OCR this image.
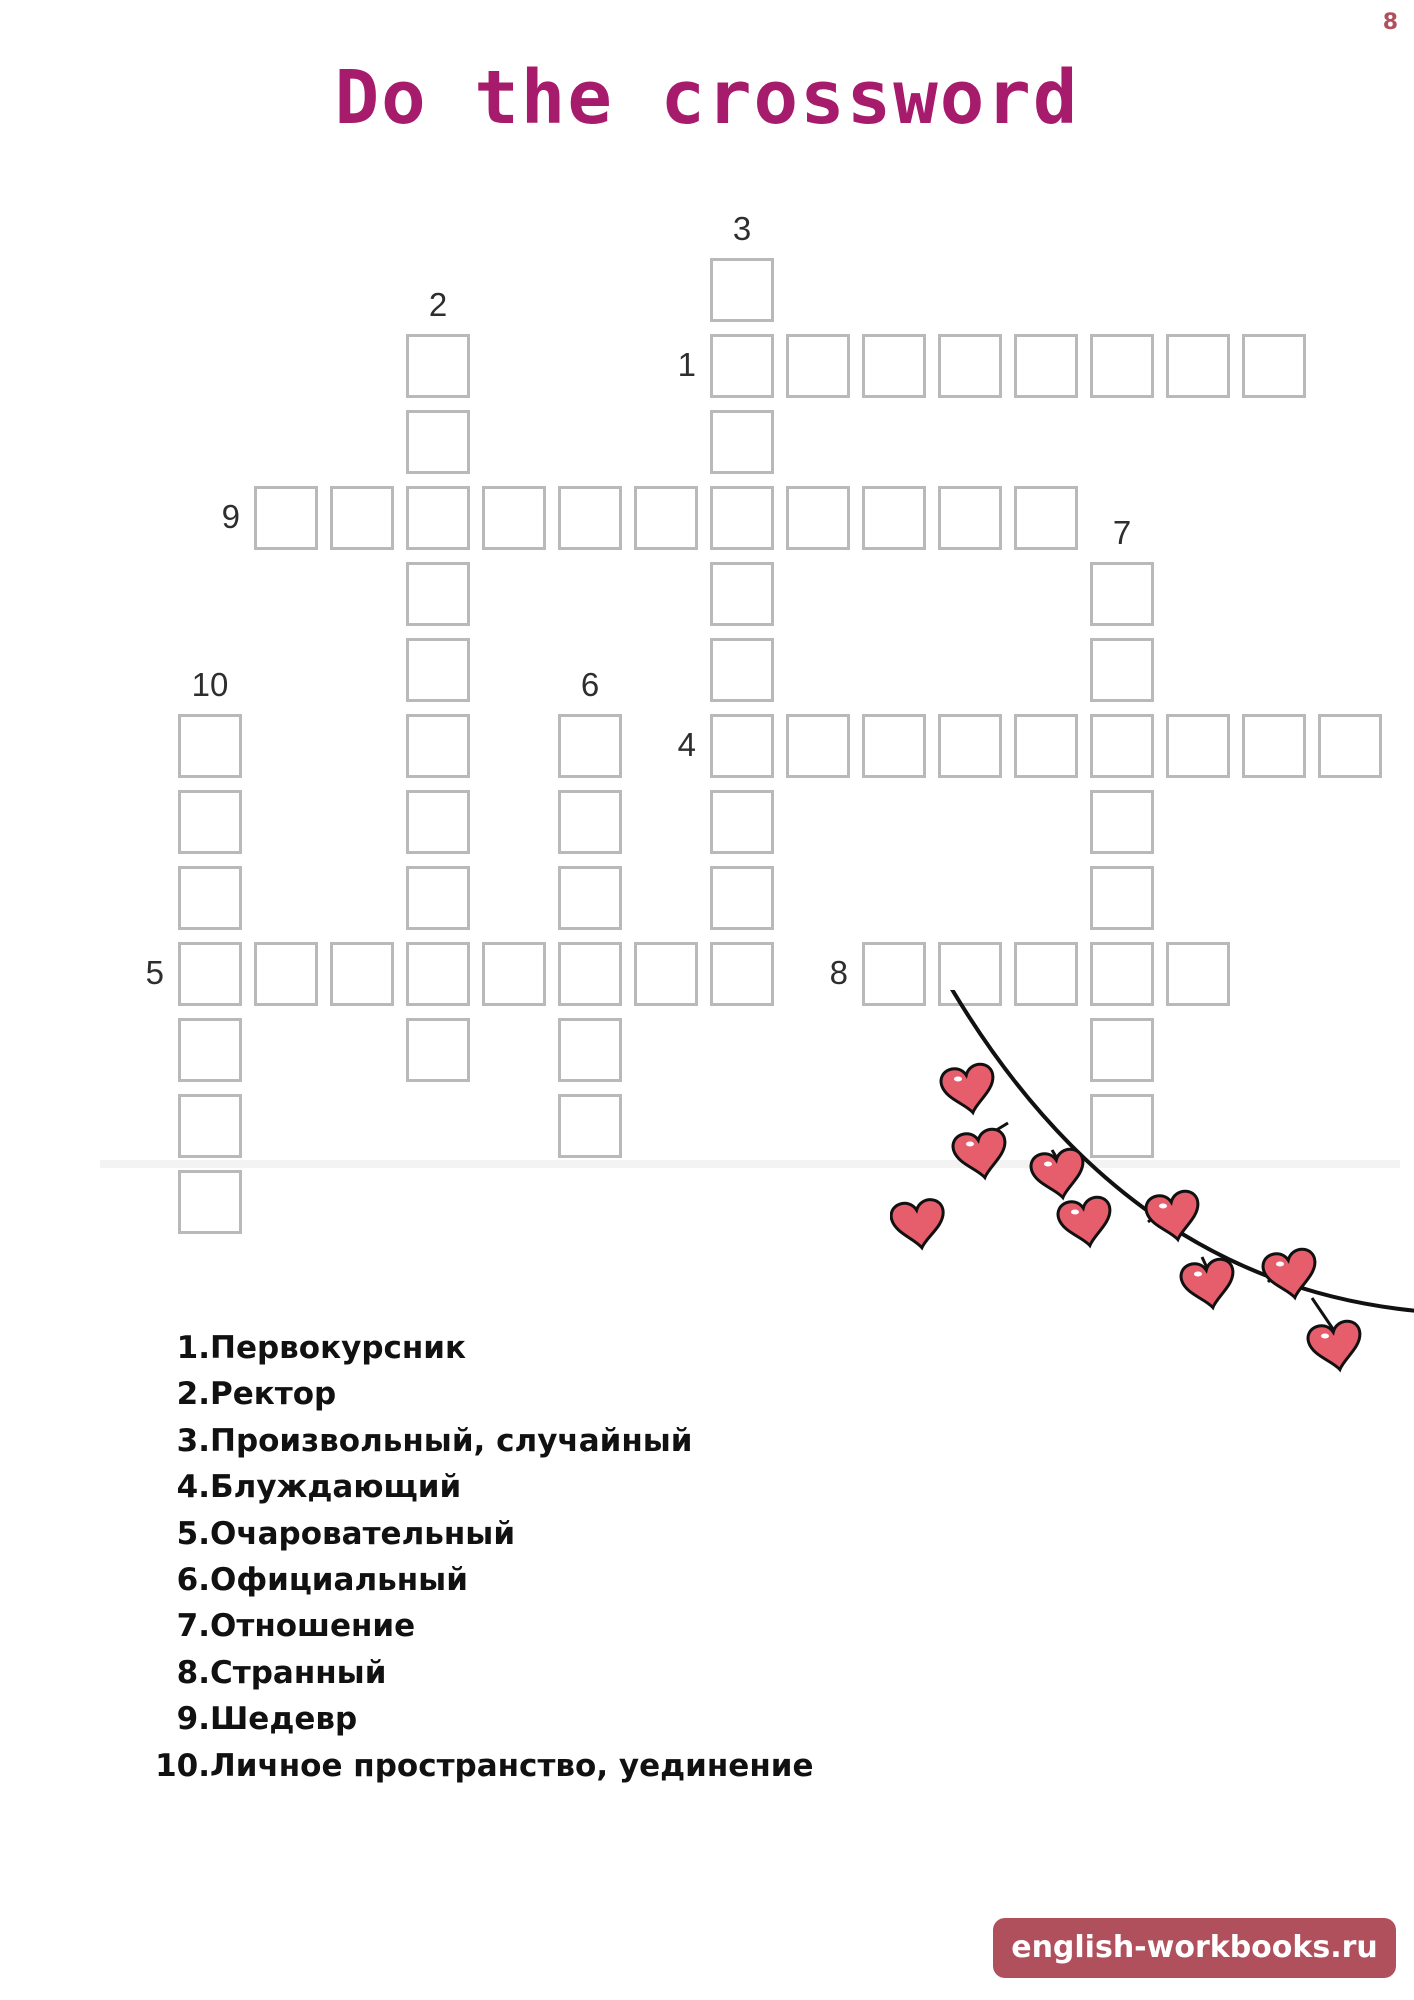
8
Do the crossword
1
2
3
4
5
6
7
8
9
10
1.Первокурсник
2.Ректор
3.Произвольный, случайный
4.Блуждающий
5.Очаровательный
6.Официальный
7.Отношение
8.Странный
9.Шедевр
10.Личное пространство, уединение
english-workbooks.ru
